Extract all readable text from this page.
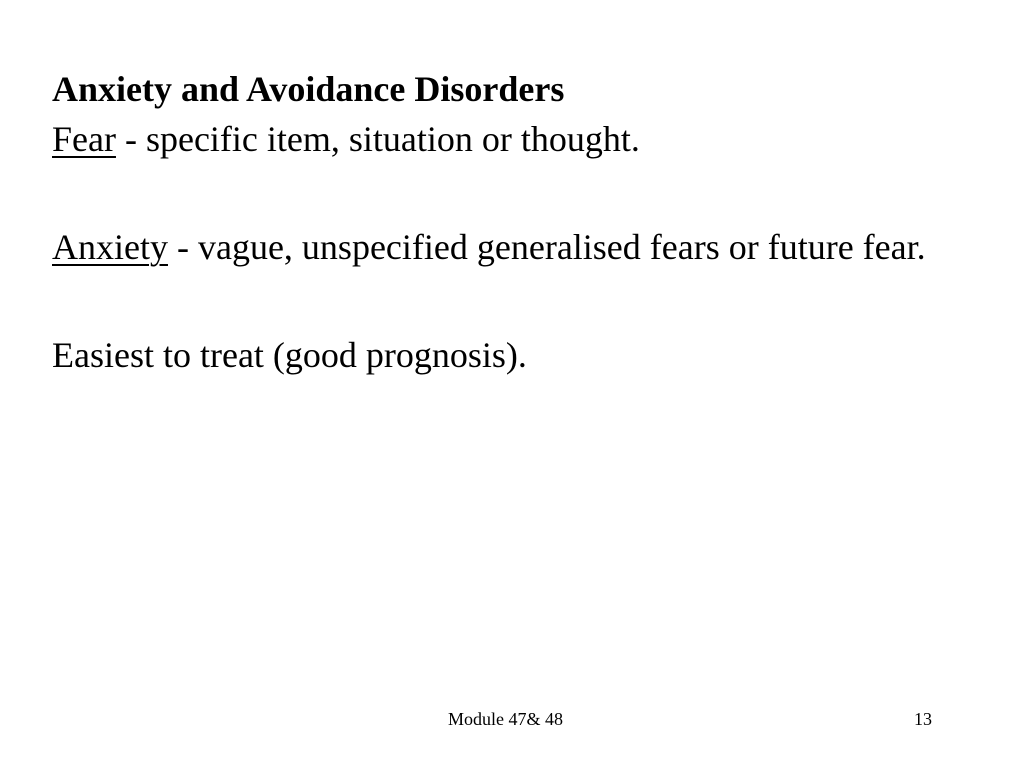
Anxiety and Avoidance Disorders

Fear - specific item, situation or thought.

Anxiety - vague, unspecified generalised fears or future fear.

Easiest to treat (good prognosis).

Module 47& 48	13
